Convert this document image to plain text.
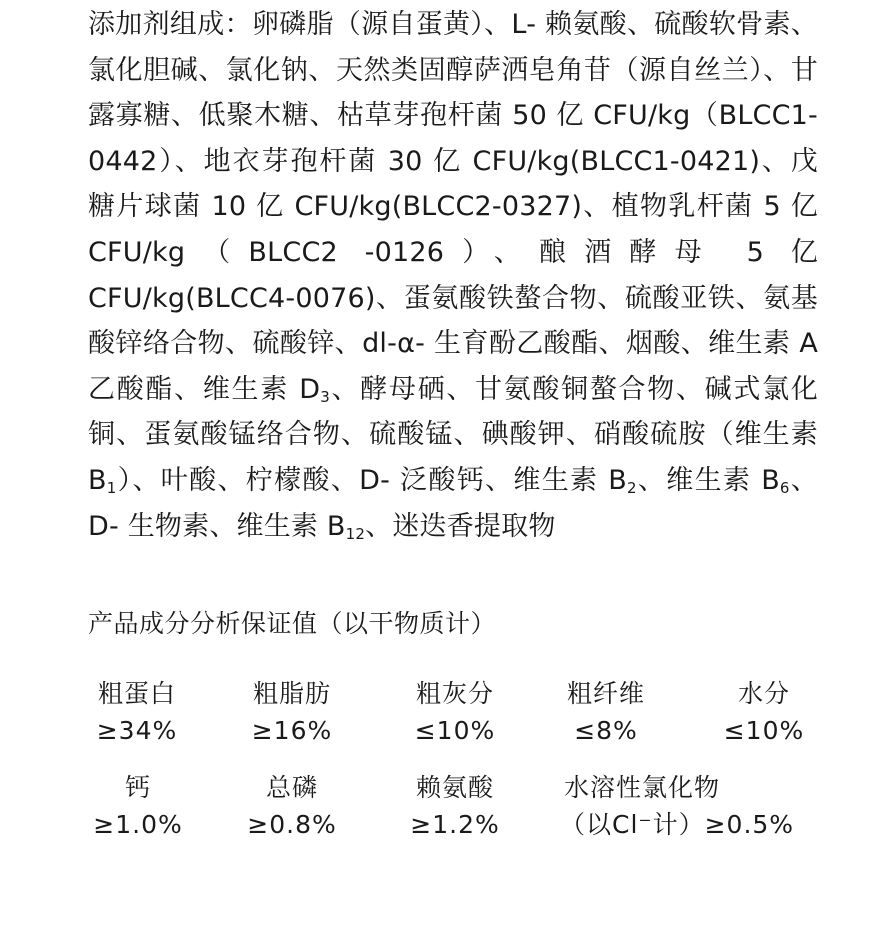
添加剂组成：卵磷脂（源自蛋黄）、L- 赖氨酸、硫酸软骨素、氯化胆碱、氯化钠、天然类固醇萨洒皂角苷（源自丝兰）、甘露寡糖、低聚木糖、枯草芽孢杆菌 50 亿 CFU/kg（BLCC1-0442）、地衣芽孢杆菌 30 亿 CFU/kg(BLCC1-0421)、戊糖片球菌 10 亿 CFU/kg(BLCC2-0327)、植物乳杆菌 5 亿 CFU/kg（BLCC2 -0126）、酿酒酵母 5 亿 CFU/kg(BLCC4-0076)、蛋氨酸铁螯合物、硫酸亚铁、氨基酸锌络合物、硫酸锌、dl-α- 生育酚乙酸酯、烟酸、维生素 A 乙酸酯、维生素 $D_3$、酵母硒、甘氨酸铜螯合物、碱式氯化铜、蛋氨酸锰络合物、硫酸锰、碘酸钾、硝酸硫胺（维生素 $B_1$）、叶酸、柠檬酸、D- 泛酸钙、维生素 $B_2$、维生素 $B_6$、D- 生物素、维生素 $B_{12}$、迷迭香提取物
产品成分分析保证值（以干物质计）
粗蛋白
≥34%
粗脂肪
≥16%
粗灰分
≤10%
粗纤维
≤8%
水分
≤10%
钙
≥1.0%
总磷
≥0.8%
赖氨酸
≥1.2%
水溶性氯化物
（以Cl⁻计）≥0.5%
